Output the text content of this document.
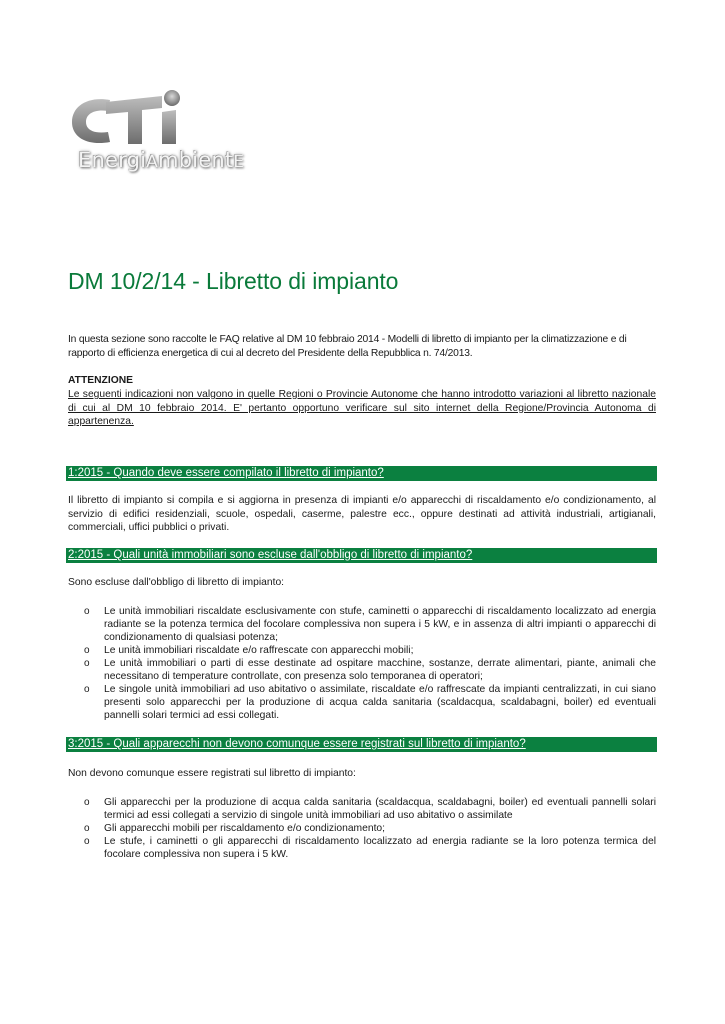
EnergiAmbientE
DM 10/2/14 - Libretto di impianto

In questa sezione sono raccolte le FAQ relative al DM 10 febbraio 2014 - Modelli di libretto di impianto per la climatizzazione e di rapporto di efficienza energetica di cui al decreto del Presidente della Repubblica n. 74/2013.

ATTENZIONE

Le seguenti indicazioni non valgono in quelle Regioni o Provincie Autonome che hanno introdotto variazioni al libretto nazionale di cui al DM 10 febbraio 2014. E' pertanto opportuno verificare sul sito internet della Regione/Provincia Autonoma di appartenenza.

1:2015 - Quando deve essere compilato il libretto di impianto?

Il libretto di impianto si compila e si aggiorna in presenza di impianti e/o apparecchi di riscaldamento e/o condizionamento, al servizio di edifici residenziali, scuole, ospedali, caserme, palestre ecc., oppure destinati ad attività industriali, artigianali, commerciali, uffici pubblici o privati.

2:2015 - Quali unità immobiliari sono escluse dall'obbligo di libretto di impianto?

Sono escluse dall'obbligo di libretto di impianto:

o Le unità immobiliari riscaldate esclusivamente con stufe, caminetti o apparecchi di riscaldamento localizzato ad energia radiante se la potenza termica del focolare complessiva non supera i 5 kW, e in assenza di altri impianti o apparecchi di condizionamento di qualsiasi potenza;
o Le unità immobiliari riscaldate e/o raffrescate con apparecchi mobili;
o Le unità immobiliari o parti di esse destinate ad ospitare macchine, sostanze, derrate alimentari, piante, animali che necessitano di temperature controllate, con presenza solo temporanea di operatori;
o Le singole unità immobiliari ad uso abitativo o assimilate, riscaldate e/o raffrescate da impianti centralizzati, in cui siano presenti solo apparecchi per la produzione di acqua calda sanitaria (scaldacqua, scaldabagni, boiler) ed eventuali pannelli solari termici ad essi collegati.
3:2015 - Quali apparecchi non devono comunque essere registrati sul libretto di impianto?

Non devono comunque essere registrati sul libretto di impianto:

o Gli apparecchi per la produzione di acqua calda sanitaria (scaldacqua, scaldabagni, boiler) ed eventuali pannelli solari termici ad essi collegati a servizio di singole unità immobiliari ad uso abitativo o assimilate
o Gli apparecchi mobili per riscaldamento e/o condizionamento;
o Le stufe, i caminetti o gli apparecchi di riscaldamento localizzato ad energia radiante se la loro potenza termica del focolare complessiva non supera i 5 kW.
